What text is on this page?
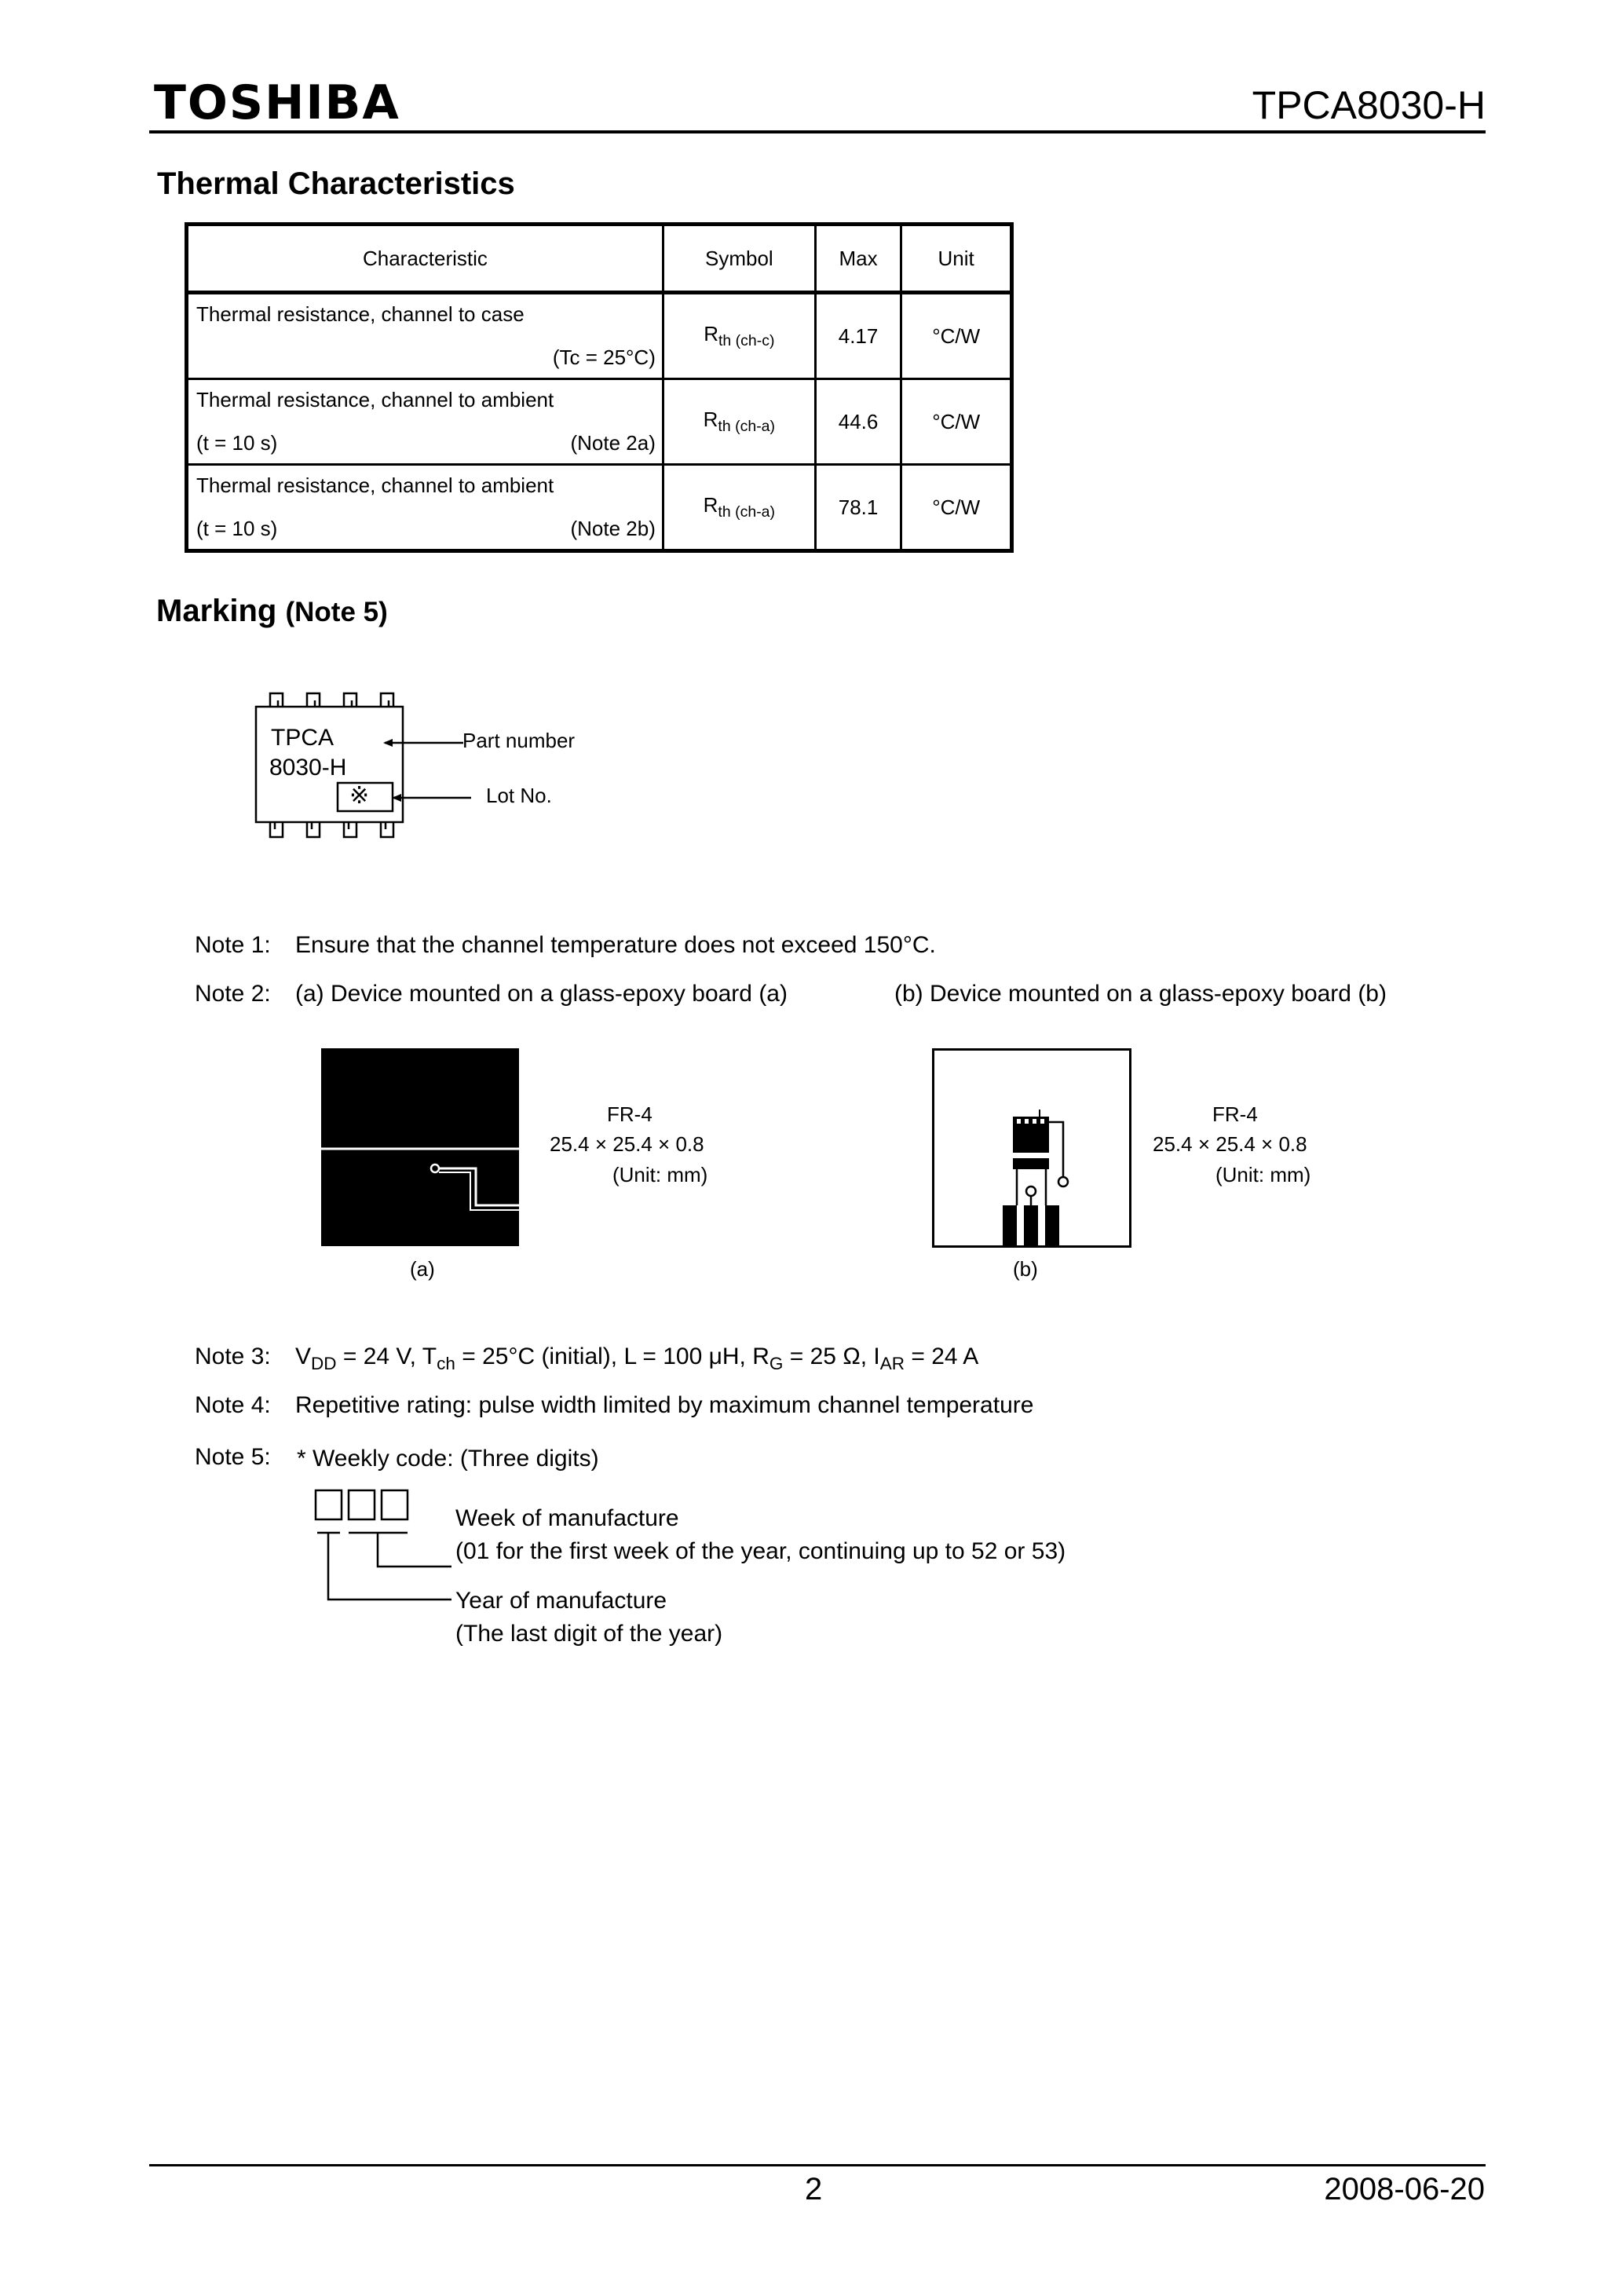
TOSHIBA	TPCA8030-H
Thermal Characteristics
Characteristic	Symbol	Max	Unit

Thermal resistance, channel to case
(Tc = 25°C)	$R_{th (ch-c)}$	4.17	°C/W

Thermal resistance, channel to ambient
(t = 10 s) (Note 2a)	$R_{th (ch-a)}$	44.6	°C/W

Thermal resistance, channel to ambient
(t = 10 s) (Note 2b)	$R_{th (ch-a)}$	78.1	°C/W
Marking (Note 5)
TPCA
8030-H
※
Part number
Lot No.
Note 1: Ensure that the channel temperature does not exceed 150°C.
Note 2: (a) Device mounted on a glass-epoxy board (a)	(b) Device mounted on a glass-epoxy board (b)
FR-4
25.4 × 25.4 × 0.8
(Unit: mm)
(a)
FR-4
25.4 × 25.4 × 0.8
(Unit: mm)
(b)
Note 3: $V_{DD} = 24$ V, $T_{ch} = 25^\circ C$ (initial), L = 100 μH, $R_G = 25$ Ω, $I_{AR} = 24$ A
Note 4: Repetitive rating: pulse width limited by maximum channel temperature
Note 5: * Weekly code: (Three digits)
Week of manufacture
(01 for the first week of the year, continuing up to 52 or 53)
Year of manufacture
(The last digit of the year)
2	2008-06-20
